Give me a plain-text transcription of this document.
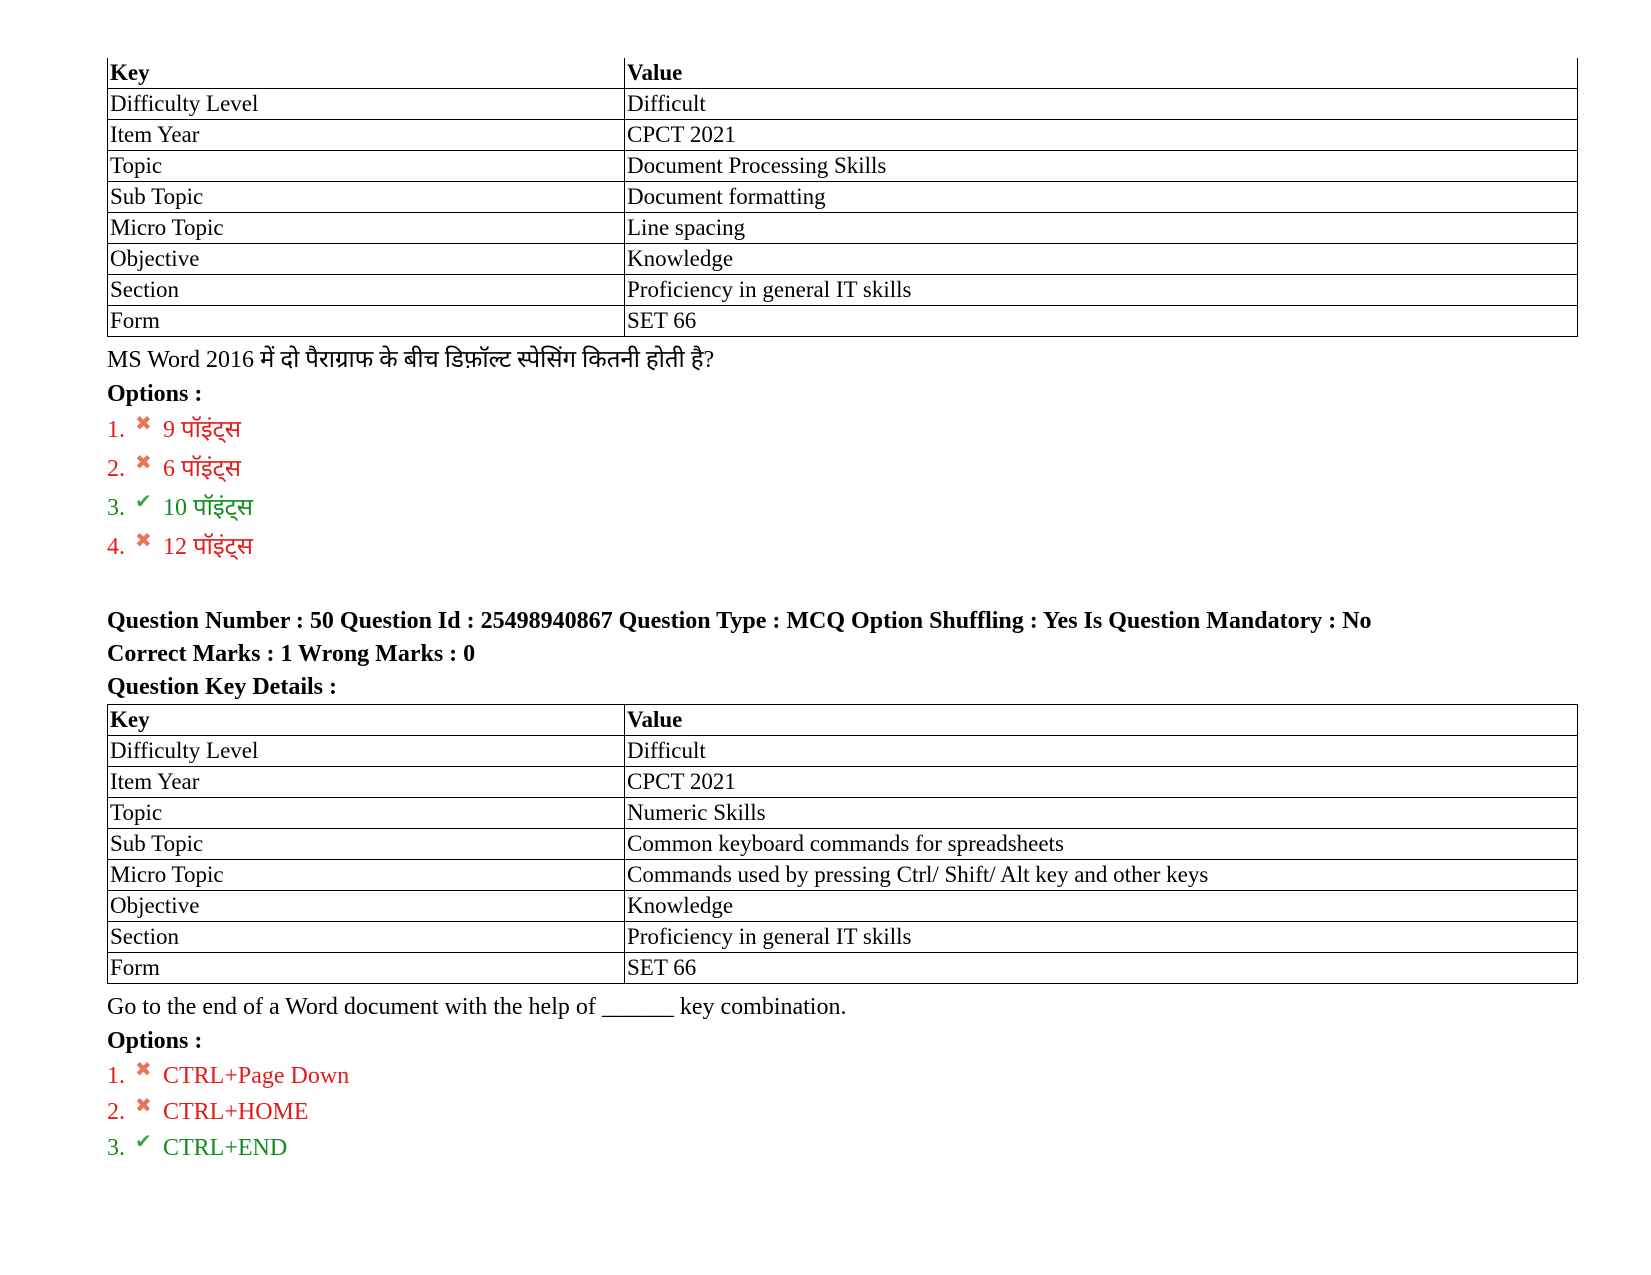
Key	Value
Difficulty Level	Difficult
Item Year	CPCT 2021
Topic	Document Processing Skills
Sub Topic	Document formatting
Micro Topic	Line spacing
Objective	Knowledge
Section	Proficiency in general IT skills
Form	SET 66
MS Word 2016 में दो पैराग्राफ के बीच डिफ़ॉल्ट स्पेसिंग कितनी होती है?
Options :
1. ✖ 9 पॉइंट्स
2. ✖ 6 पॉइंट्स
3. ✔ 10 पॉइंट्स
4. ✖ 12 पॉइंट्स
Question Number : 50 Question Id : 25498940867 Question Type : MCQ Option Shuffling : Yes Is Question Mandatory : No
Correct Marks : 1 Wrong Marks : 0
Question Key Details :
Key	Value
Difficulty Level	Difficult
Item Year	CPCT 2021
Topic	Numeric Skills
Sub Topic	Common keyboard commands for spreadsheets
Micro Topic	Commands used by pressing Ctrl/ Shift/ Alt key and other keys
Objective	Knowledge
Section	Proficiency in general IT skills
Form	SET 66
Go to the end of a Word document with the help of ______ key combination.
Options :
1. ✖ CTRL+Page Down
2. ✖ CTRL+HOME
3. ✔ CTRL+END
